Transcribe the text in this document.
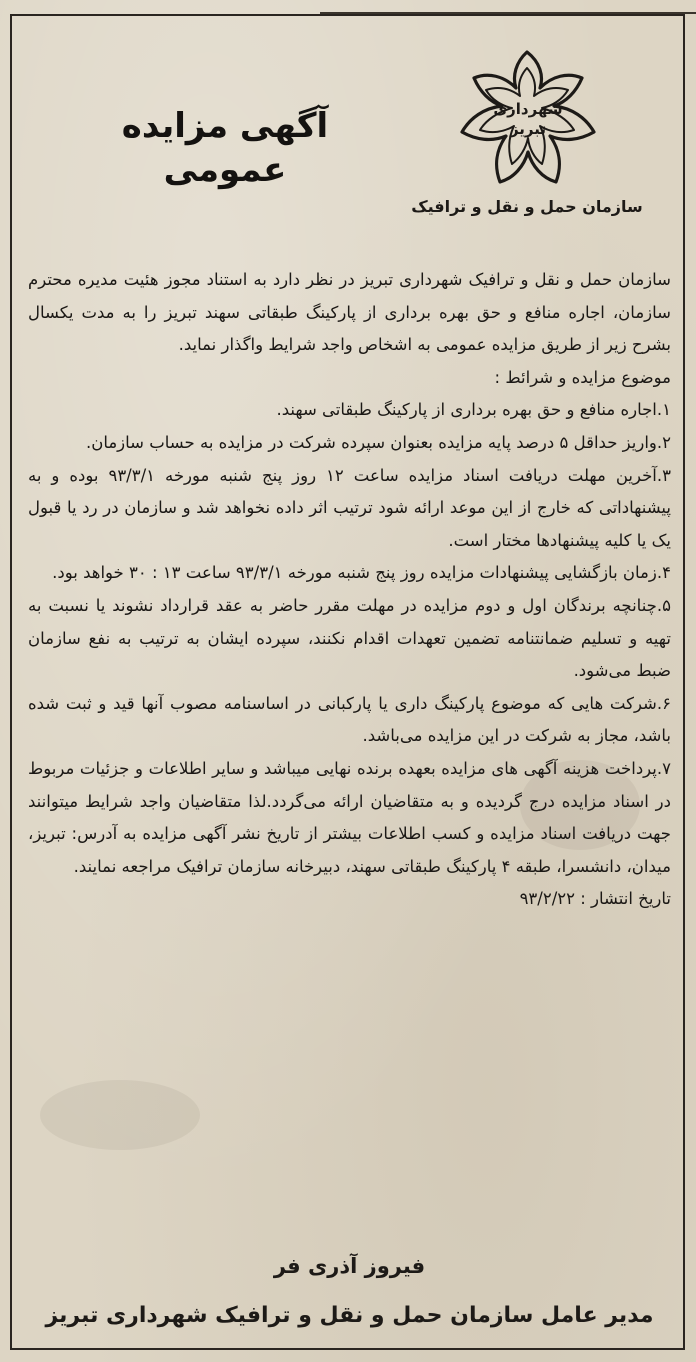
آگهی مزایده عمومی
شهرداری
تبریز
سازمان حمل و نقل و ترافیک

سازمان حمل و نقل و ترافیک شهرداری تبریز در نظر دارد به استناد مجوز هئیت مدیره محترم سازمان، اجاره منافع و حق بهره برداری از پارکینگ طبقاتی سهند تبریز را به مدت یکسال بشرح زیر از طریق مزایده عمومی به اشخاص واجد شرایط واگذار نماید.

موضوع مزایده و شرائط :

۱.اجاره منافع و حق بهره برداری از پارکینگ طبقاتی سهند.

۲.واریز حداقل ۵ درصد پایه مزایده بعنوان سپرده شرکت در مزایده به حساب سازمان.

۳.آخرین مهلت دریافت اسناد مزایده ساعت ۱۲ روز پنج شنبه مورخه ۹۳/۳/۱ بوده و به پیشنهاداتی که خارج از این موعد ارائه شود ترتیب اثر داده نخواهد شد و سازمان در رد یا قبول یک یا کلیه پیشنهادها مختار است.

۴.زمان بازگشایی پیشنهادات مزایده روز پنج شنبه مورخه ۹۳/۳/۱ ساعت ۱۳ : ۳۰ خواهد بود.

۵.چنانچه برندگان اول و دوم مزایده در مهلت مقرر حاضر به عقد قرارداد نشوند یا نسبت به تهیه و تسلیم ضمانتنامه تضمین تعهدات اقدام نکنند، سپرده ایشان به ترتیب به نفع سازمان ضبط می‌شود.

۶.شرکت هایی که موضوع پارکینگ داری یا پارکبانی در اساسنامه مصوب آنها قید و ثبت شده باشد، مجاز به شرکت در این مزایده می‌باشد.

۷.پرداخت هزینه آگهی های مزایده بعهده برنده نهایی میباشد و سایر اطلاعات و جزئیات مربوط در اسناد مزایده درج گردیده و به متقاضیان ارائه می‌گردد.لذا متقاضیان واجد شرایط میتوانند جهت دریافت اسناد مزایده و کسب اطلاعات بیشتر از تاریخ نشر آگهی مزایده به آدرس: تبریز، میدان، دانشسرا، طبقه ۴ پارکینگ طبقاتی سهند، دبیرخانه سازمان ترافیک مراجعه نمایند.

تاریخ انتشار : ۹۳/۲/۲۲

فیروز آذری فر
مدیر عامل سازمان حمل و نقل و ترافیک شهرداری تبریز
